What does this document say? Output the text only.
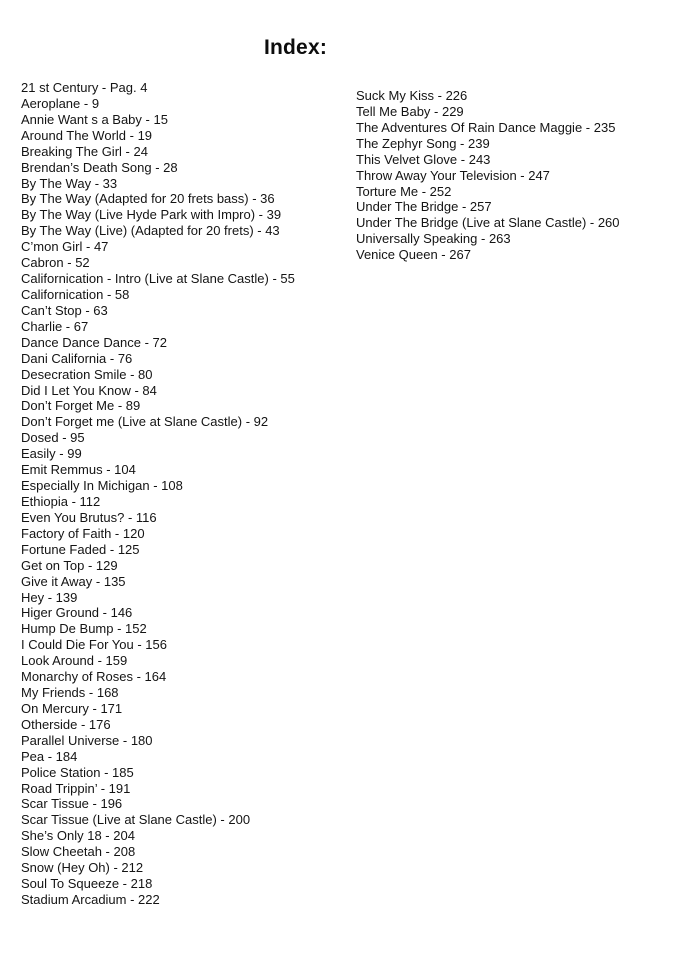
Index:
21 st Century - Pag. 4
Aeroplane - 9
Annie Want s a Baby - 15
Around The World - 19
Breaking The Girl - 24
Brendan’s Death Song - 28
By The Way - 33
By The Way (Adapted for 20 frets bass) - 36
By The Way (Live Hyde Park with Impro) - 39
By The Way (Live) (Adapted for 20 frets) - 43
C’mon Girl - 47
Cabron - 52
Californication - Intro (Live at Slane Castle) - 55
Californication - 58
Can’t Stop - 63
Charlie - 67
Dance Dance Dance - 72
Dani California - 76
Desecration Smile - 80
Did I Let You Know - 84
Don’t Forget Me - 89
Don’t Forget me (Live at Slane Castle) - 92
Dosed - 95
Easily - 99
Emit Remmus - 104
Especially In Michigan - 108
Ethiopia - 112
Even You Brutus? - 116
Factory of Faith - 120
Fortune Faded - 125
Get on Top - 129
Give it Away - 135
Hey - 139
Higer Ground - 146
Hump De Bump - 152
I Could Die For You - 156
Look Around - 159
Monarchy of Roses - 164
My Friends - 168
On Mercury - 171
Otherside - 176
Parallel Universe - 180
Pea - 184
Police Station - 185
Road Trippin’ - 191
Scar Tissue - 196
Scar Tissue (Live at Slane Castle) - 200
She’s Only 18 - 204
Slow Cheetah - 208
Snow (Hey Oh) - 212
Soul To Squeeze - 218
Stadium Arcadium - 222
Suck My Kiss - 226
Tell Me Baby - 229
The Adventures Of Rain Dance Maggie - 235
The Zephyr Song - 239
This Velvet Glove - 243
Throw Away Your Television - 247
Torture Me - 252
Under The Bridge - 257
Under The Bridge (Live at Slane Castle) - 260
Universally Speaking - 263
Venice Queen - 267
